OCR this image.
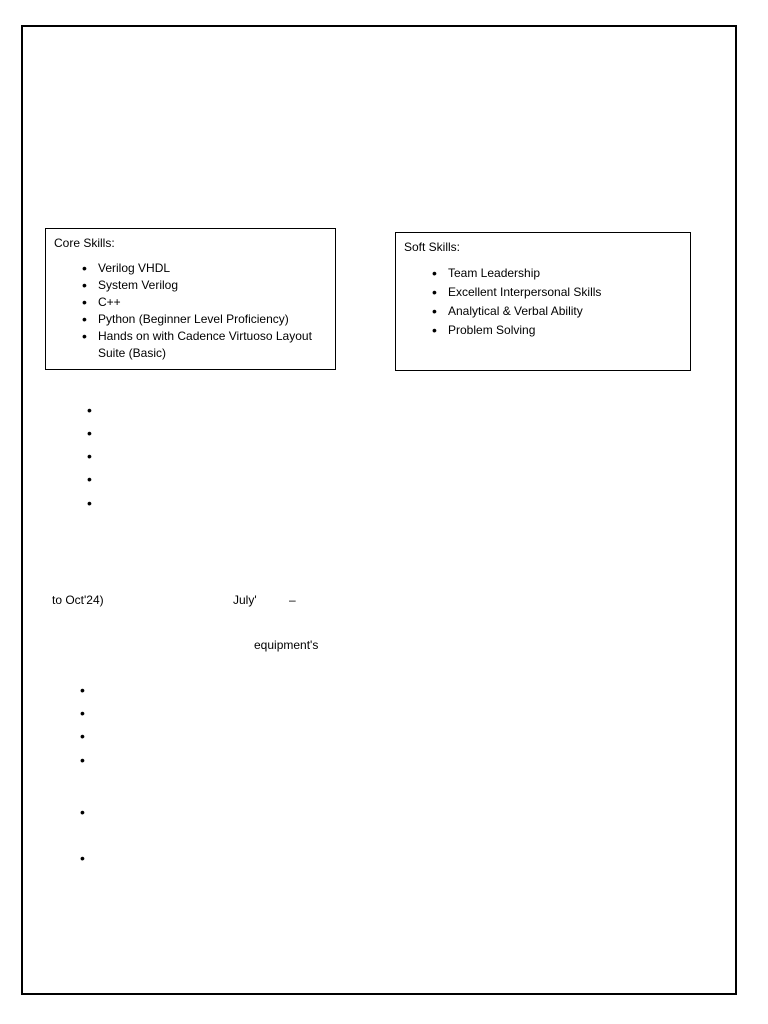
Core Skills:
• Verilog VHDL
• System Verilog
• C++
• Python (Beginner Level Proficiency)
• Hands on with Cadence Virtuoso Layout Suite (Basic)
Soft Skills:
• Team Leadership
• Excellent Interpersonal Skills
• Analytical & Verbal Ability
• Problem Solving
•
•
•
•
•
to Oct'24)	July'	–
equipment's
•
•
•
•
•
•
